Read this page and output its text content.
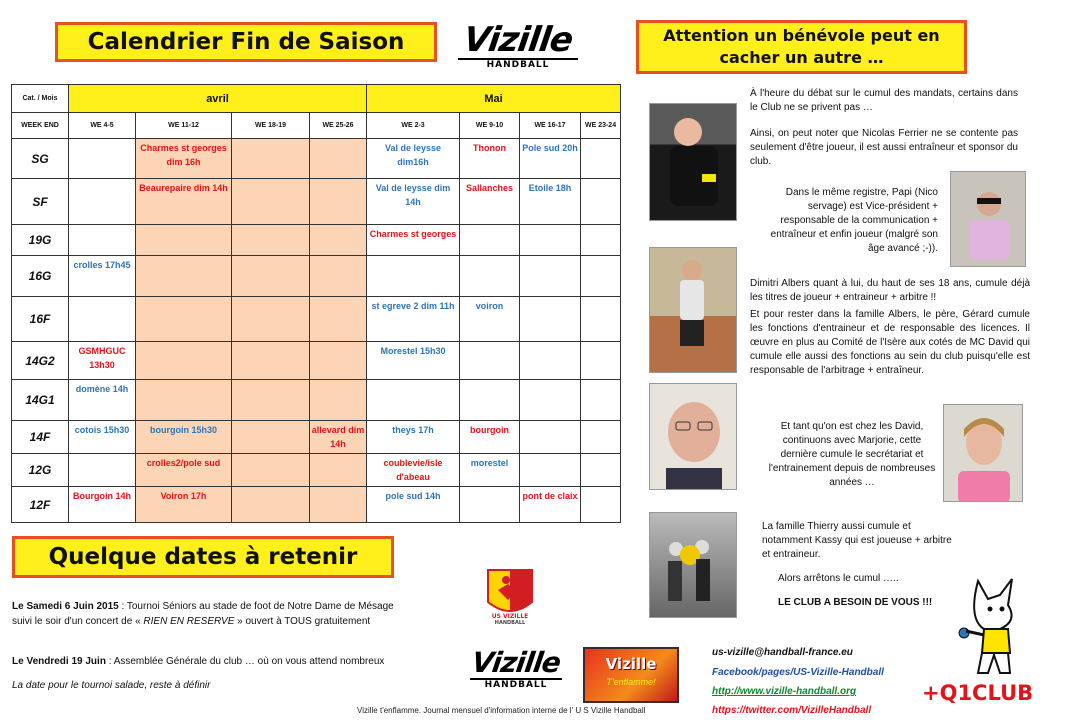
Calendrier Fin de Saison	Attention un bénévole peut en cacher un autre …
Quelque dates à retenir
Vizille
HANDBALL
Cat. / Mois	avril				Mai			
WEEK END	WE 4-5	WE 11-12	WE 18-19	WE 25-26	WE 2-3	WE 9-10	WE 16-17	WE 23-24
SG		Charmes st georges dim 16h			Val de leysse dim16h	Thonon	Pole sud 20h	
SF		Beaurepaire dim 14h			Val de leysse dim 14h	Sallanches	Etoile 18h	
19G					Charmes st georges			
16G	crolles 17h45							
16F					st egreve 2 dim 11h	voiron		
14G2	GSMHGUC 13h30				Morestel 15h30			
14G1	domène 14h							
14F	cotois 15h30	bourgoin 15h30		allevard dim 14h	theys 17h	bourgoin		
12G		crolles2/pole sud			coublevie/isle d'abeau	morestel		
12F	Bourgoin 14h	Voiron 17h			pole sud 14h		pont de claix	
Le Samedi 6 Juin 2015 : Tournoi Séniors au stade de foot de Notre Dame de Mésage suivi le soir d'un concert de « RIEN EN RESERVE » ouvert à TOUS gratuitement
Le Vendredi 19 Juin : Assemblée Générale du club … où on vous attend nombreux
La date pour le tournoi salade, reste à définir
US VIZILLE
HANDBALL
Vizille
HANDBALL
Vizille
T'enflamme!
Vizille t'enflamme. Journal mensuel d'information interne de l' U S Vizille Handball
us-vizille@handball-france.eu
Facebook/pages/US-Vizille-Handball
http://www.vizille-handball.org
https://twitter.com/VizilleHandball
À l'heure du débat sur le cumul des mandats, certains dans le Club ne se privent pas …
Ainsi, on peut noter que Nicolas Ferrier ne se contente pas seulement d'être joueur, il est aussi entraîneur et sponsor du club.
Dans le même registre, Papi (Nico servage) est Vice-président + responsable de la communication + entraîneur et enfin joueur (malgré son âge avancé ;-)).
Dimitri Albers quant à lui, du haut de ses 18 ans, cumule déjà les titres de joueur + entraineur + arbitre !!
Et pour rester dans la famille Albers, le père, Gérard cumule les fonctions d'entraineur et de responsable des licences. Il œuvre en plus au Comité de l'Isère aux cotés de MC David qui cumule elle aussi des fonctions au sein du club puisqu'elle est responsable de l'arbitrage + entraîneur.
Et tant qu'on est chez les David, continuons avec Marjorie, cette dernière cumule le secrétariat et l'entrainement depuis de nombreuses années …
La famille Thierry aussi cumule et notamment Kassy qui est joueuse + arbitre et entraineur.
Alors arrêtons le cumul …..
LE CLUB A BESOIN DE VOUS !!!
+Q1CLUB
